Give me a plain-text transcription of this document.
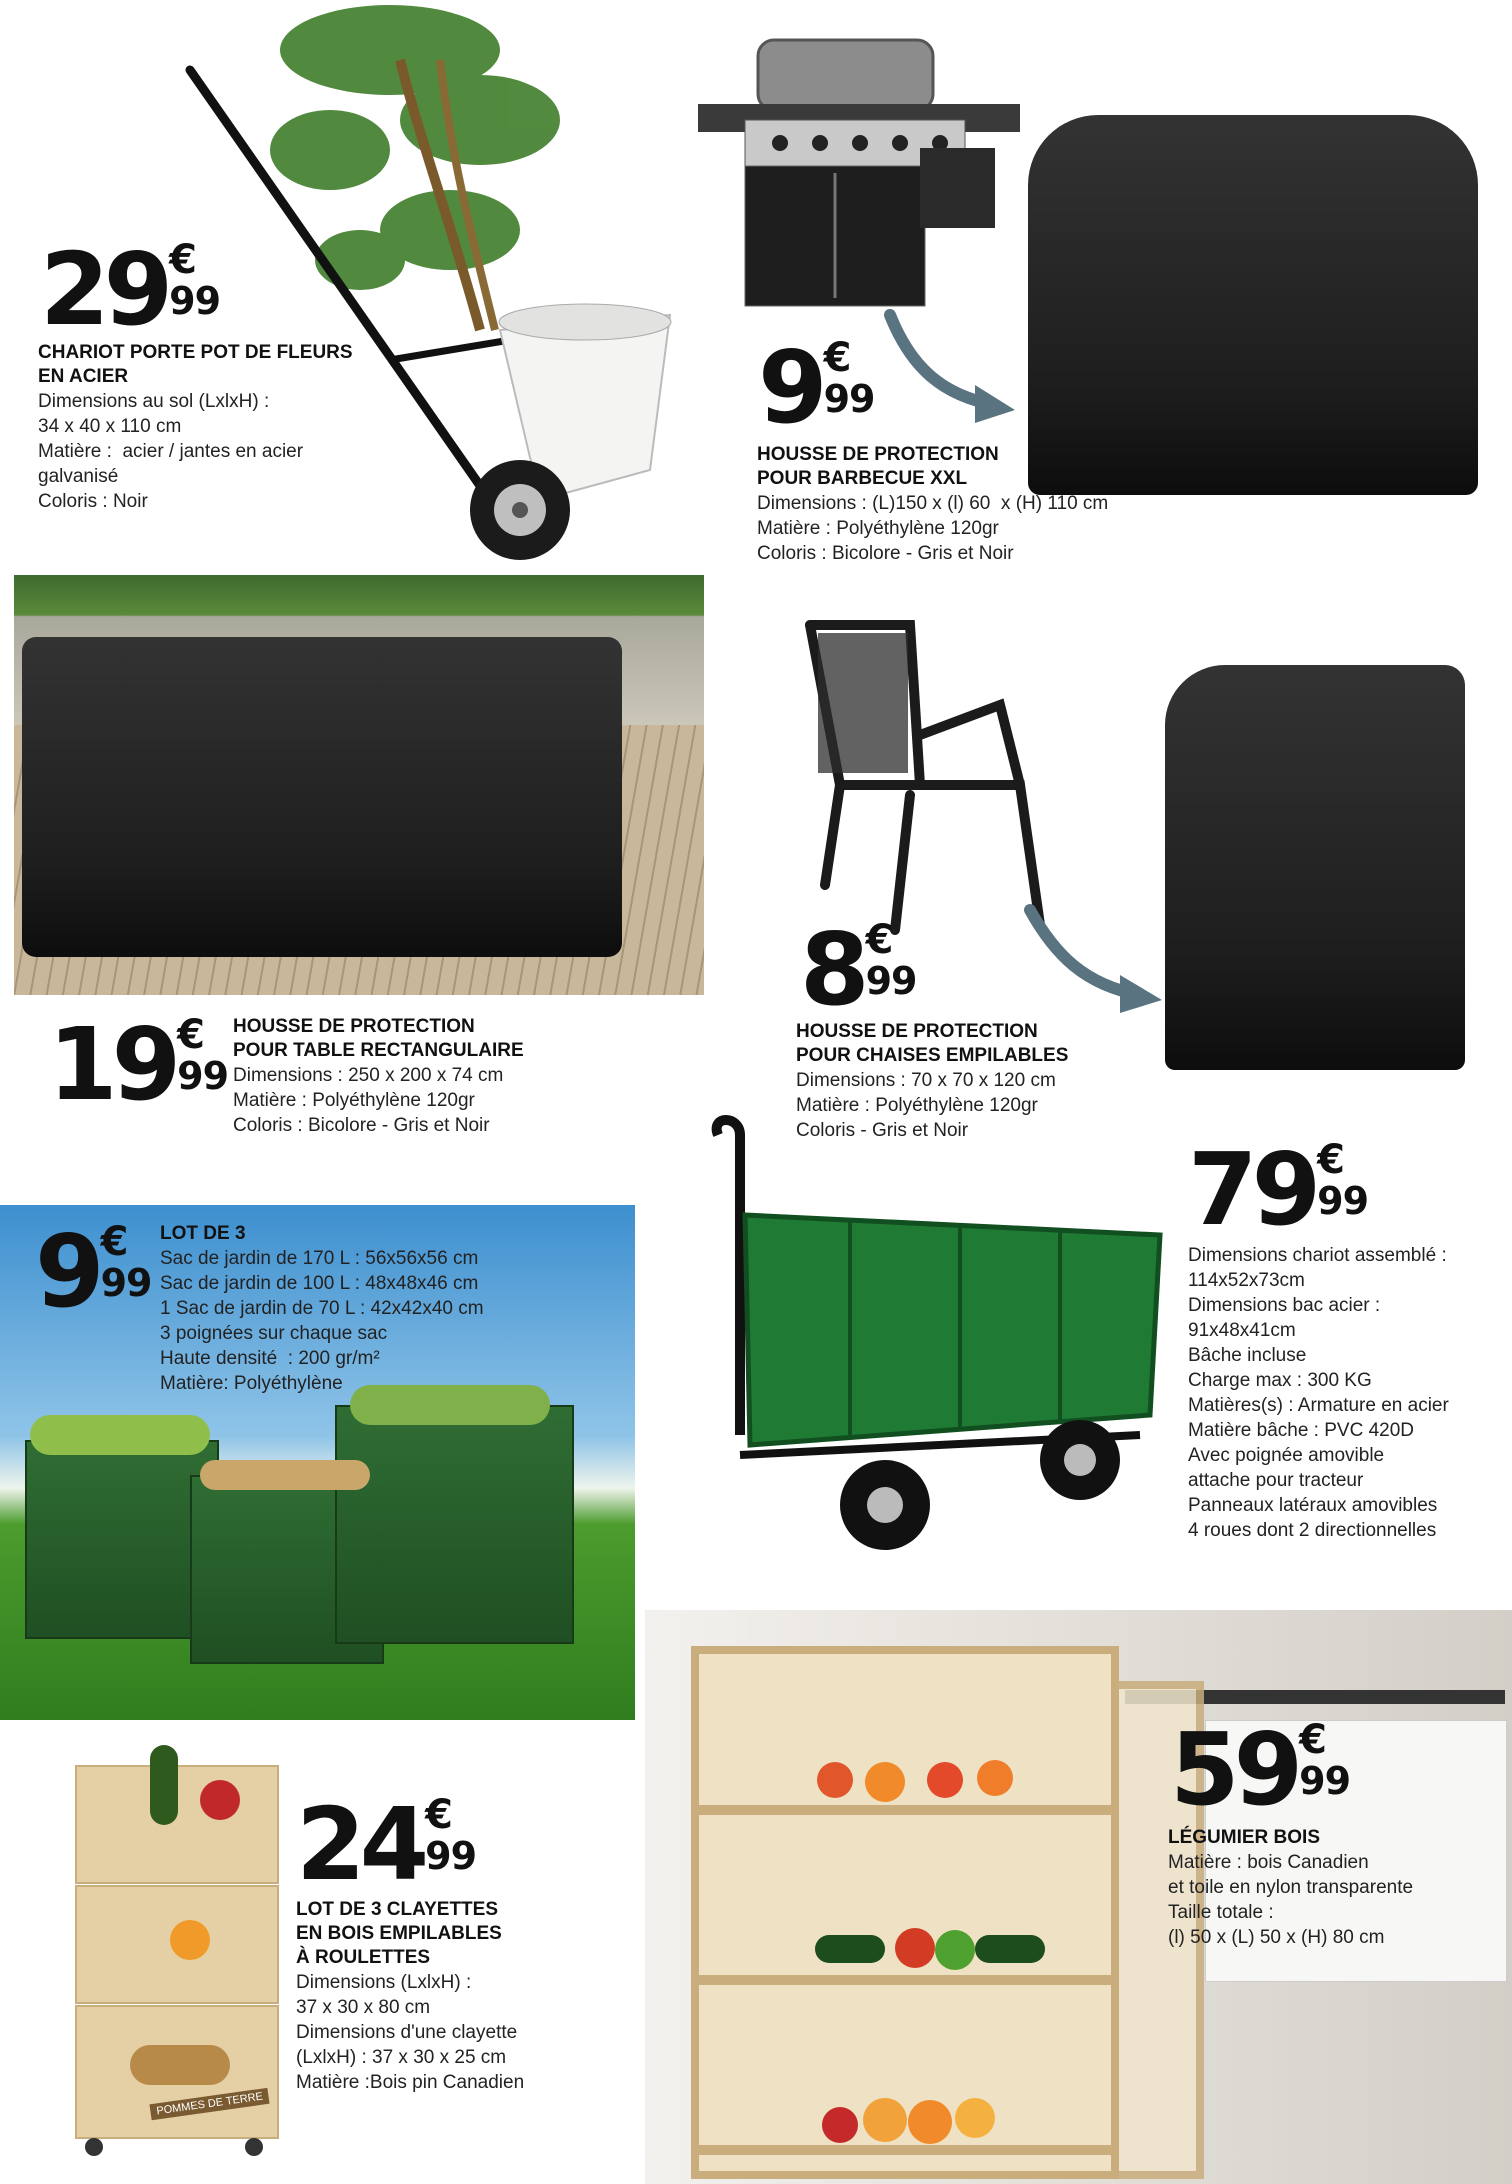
POMMES DE TERRE
29 €
99
CHARIOT PORTE POT DE FLEURS
EN ACIER
Dimensions au sol (LxlxH) :
34 x 40 x 110 cm
Matière :  acier / jantes en acier
galvanisé
Coloris : Noir
9 €
99
HOUSSE DE PROTECTION
POUR BARBECUE XXL
Dimensions : (L)150 x (l) 60  x (H) 110 cm
Matière : Polyéthylène 120gr
Coloris : Bicolore - Gris et Noir
19 €
99
HOUSSE DE PROTECTION
POUR TABLE RECTANGULAIRE
Dimensions : 250 x 200 x 74 cm
Matière : Polyéthylène 120gr
Coloris : Bicolore - Gris et Noir
8 €
99
HOUSSE DE PROTECTION
POUR CHAISES EMPILABLES
Dimensions : 70 x 70 x 120 cm
Matière : Polyéthylène 120gr
Coloris - Gris et Noir
9 €
99
LOT DE 3
Sac de jardin de 170 L : 56x56x56 cm
Sac de jardin de 100 L : 48x48x46 cm
1 Sac de jardin de 70 L : 42x42x40 cm
3 poignées sur chaque sac
Haute densité  : 200 gr/m²
Matière: Polyéthylène
79 €
99
Dimensions chariot assemblé :
114x52x73cm
Dimensions bac acier :
91x48x41cm
Bâche incluse
Charge max : 300 KG
Matières(s) : Armature en acier
Matière bâche : PVC 420D
Avec poignée amovible
attache pour tracteur
Panneaux latéraux amovibles
4 roues dont 2 directionnelles
24 €
99
LOT DE 3 CLAYETTES
EN BOIS EMPILABLES
À ROULETTES
Dimensions (LxlxH) :
37 x 30 x 80 cm
Dimensions d'une clayette
(LxlxH) : 37 x 30 x 25 cm
Matière :Bois pin Canadien
59 €
99
LÉGUMIER BOIS
Matière : bois Canadien
et toile en nylon transparente
Taille totale :
(l) 50 x (L) 50 x (H) 80 cm
